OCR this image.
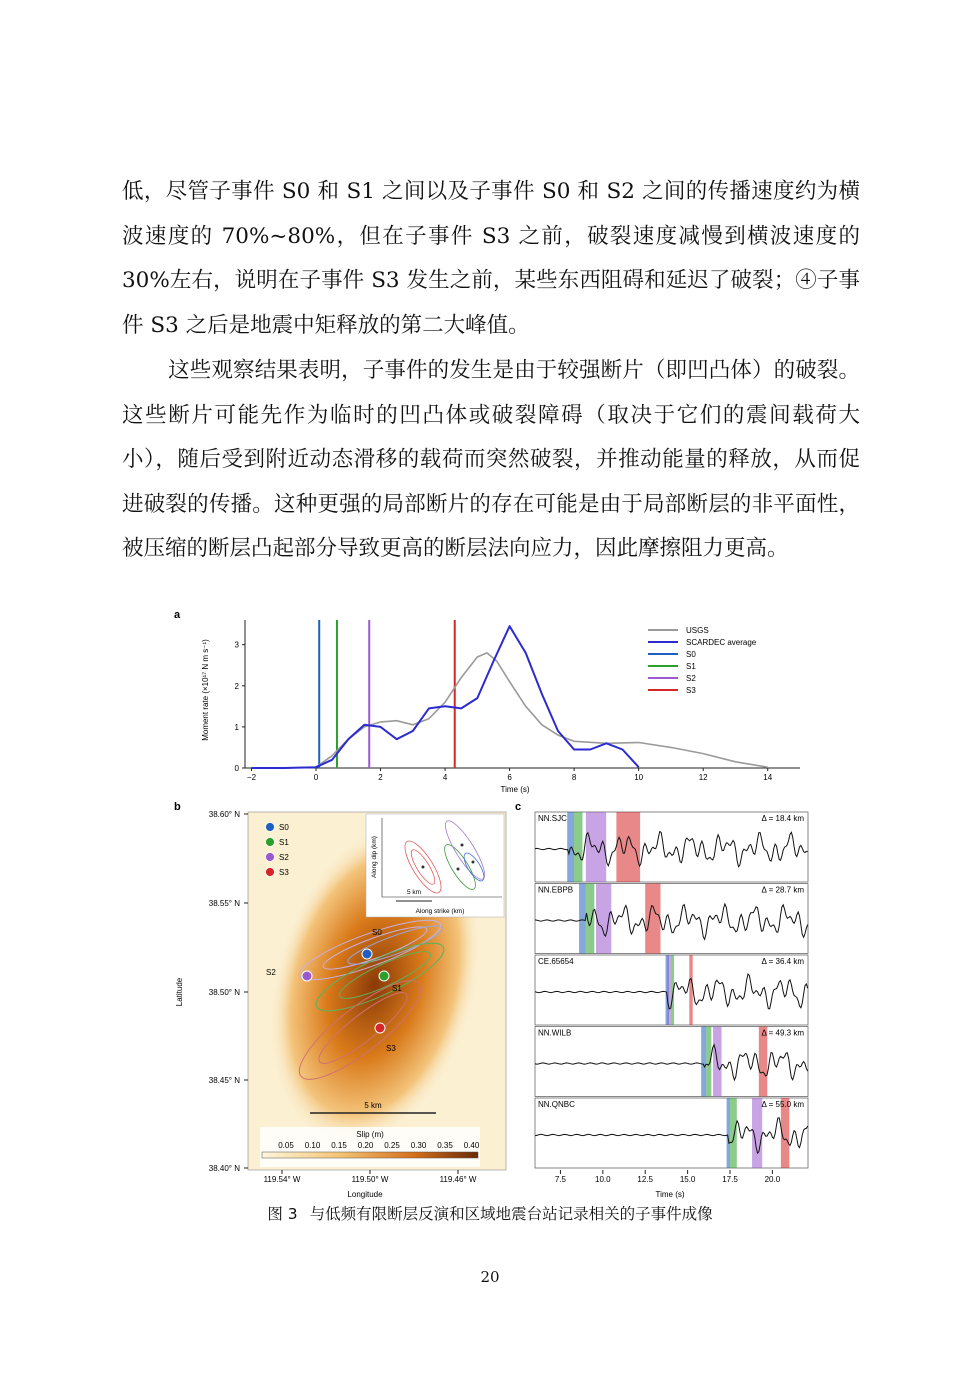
低，尽管子事件 S0 和 S1 之间以及子事件 S0 和 S2 之间的传播速度约为横波速度的 70%~80%，但在子事件 S3 之前，破裂速度减慢到横波速度的 30%左右，说明在子事件 S3 发生之前，某些东西阻碍和延迟了破裂；④子事件 S3 之后是地震中矩释放的第二大峰值。

这些观察结果表明，子事件的发生是由于较强断片（即凹凸体）的破裂。这些断片可能先作为临时的凹凸体或破裂障碍（取决于它们的震间载荷大小），随后受到附近动态滑移的载荷而突然破裂，并推动能量的释放，从而促进破裂的传播。这种更强的局部断片的存在可能是由于局部断层的非平面性，被压缩的断层凸起部分导致更高的断层法向应力，因此摩擦阻力更高。

a
−2	0	2	4	6	8	10	12	14
0
1
2
3
Moment rate (×10¹⁷ N m s⁻¹)
Time (s)
USGS
SCARDEC average
S0
S1
S2
S3
b
5 km
Along dip (km)
Along strike (km)
S0
S1
S2
S3
5 km
S0
S1
S2
S3
Slip (m)
0.05 0.10 0.15 0.20 0.25 0.30 0.35 0.40
38.60° N
38.55° N
38.50° N
38.45° N
38.40° N
119.54° W	119.50° W	119.46° W
Latitude
Longitude
c
NN.SJC	Δ = 18.4 km
NN.EBPB	Δ = 28.7 km
CE.65654	Δ = 36.4 km
NN.WILB	Δ = 49.3 km
NN.QNBC	Δ = 55.0 km
7.5	10.0	12.5	15.0	17.5	20.0
Time (s)
图 3 与低频有限断层反演和区域地震台站记录相关的子事件成像
20
